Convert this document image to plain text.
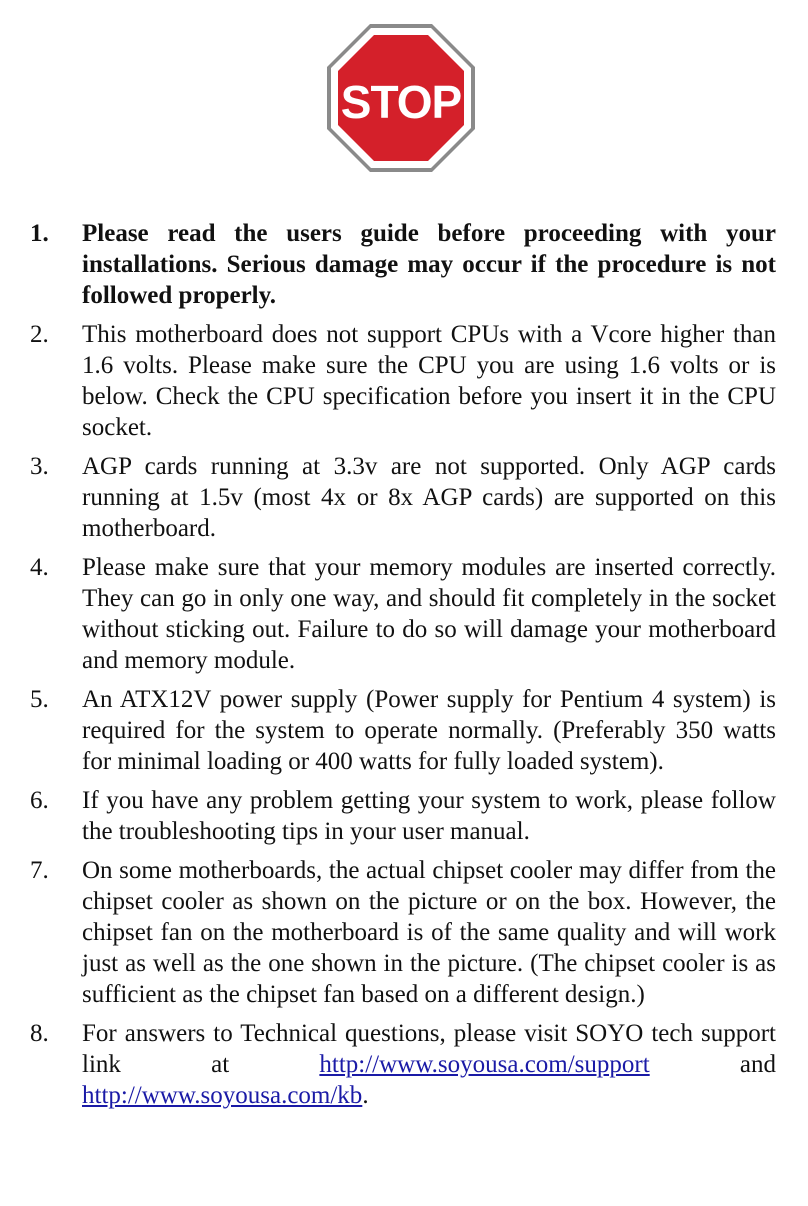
STOP
1.	Please read the users guide before proceeding with your installations. Serious damage may occur if the procedure is not followed properly.
2.	This motherboard does not support CPUs with a Vcore higher than 1.6 volts. Please make sure the CPU you are using 1.6 volts or is below. Check the CPU specification before you insert it in the CPU socket.
3.	AGP cards running at 3.3v are not supported. Only AGP cards running at 1.5v (most 4x or 8x AGP cards) are supported on this motherboard.
4.	Please make sure that your memory modules are inserted correctly. They can go in only one way, and should fit completely in the socket without sticking out. Failure to do so will damage your motherboard and memory module.
5.	An ATX12V power supply (Power supply for Pentium 4 system) is required for the system to operate normally. (Preferably 350 watts for minimal loading or 400 watts for fully loaded system).
6.	If you have any problem getting your system to work, please follow the troubleshooting tips in your user manual.
7.	On some motherboards, the actual chipset cooler may differ from the chipset cooler as shown on the picture or on the box. However, the chipset fan on the motherboard is of the same quality and will work just as well as the one shown in the picture. (The chipset cooler is as sufficient as the chipset fan based on a different design.)
8.	For answers to Technical questions, please visit SOYO tech support link at http://www.soyousa.com/support and http://www.soyousa.com/kb.
